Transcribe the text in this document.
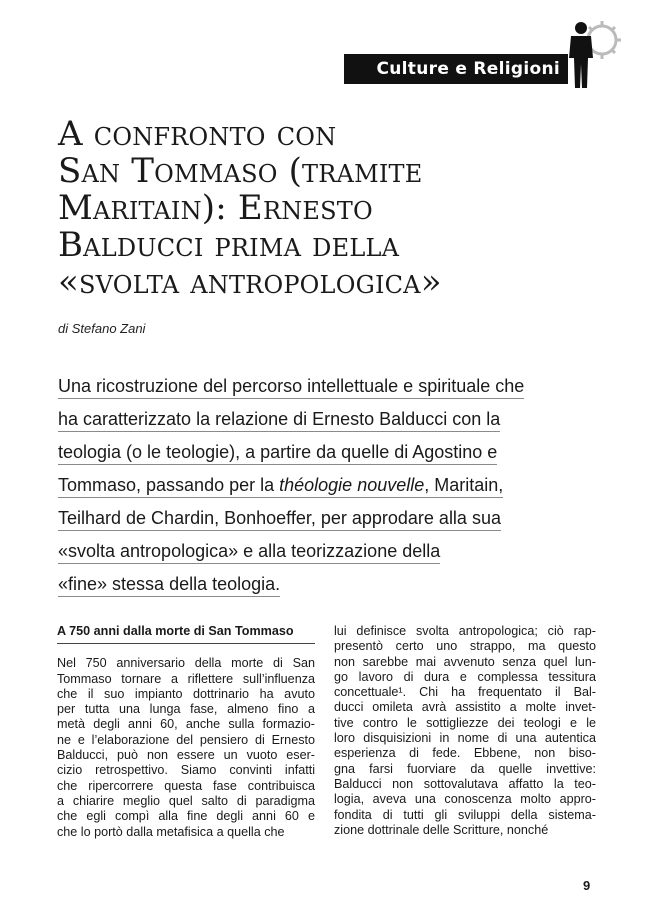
Culture e Religioni
A confronto con
San Tommaso (tramite
Maritain): Ernesto
Balducci prima della
«svolta antropologica»
di Stefano Zani
Una ricostruzione del percorso intellettuale e spirituale che
ha caratterizzato la relazione di Ernesto Balducci con la
teologia (o le teologie), a partire da quelle di Agostino e
Tommaso, passando per la théologie nouvelle, Maritain,
Teilhard de Chardin, Bonhoeffer, per approdare alla sua
«svolta antropologica» e alla teorizzazione della
«fine» stessa della teologia.
A 750 anni dalla morte di San Tommaso
Nel 750 anniversario della morte di San
Tommaso tornare a riflettere sull’influenza
che il suo impianto dottrinario ha avuto
per tutta una lunga fase, almeno fino a
metà degli anni 60, anche sulla formazio-
ne e l’elaborazione del pensiero di Ernesto
Balducci, può non essere un vuoto eser-
cizio retrospettivo. Siamo convinti infatti
che ripercorrere questa fase contribuisca
a chiarire meglio quel salto di paradigma
che egli compì alla fine degli anni 60 e
che lo portò dalla metafisica a quella che
lui definisce svolta antropologica; ciò rap-
presentò certo uno strappo, ma questo
non sarebbe mai avvenuto senza quel lun-
go lavoro di dura e complessa tessitura
concettuale¹. Chi ha frequentato il Bal-
ducci omileta avrà assistito a molte invet-
tive contro le sottigliezze dei teologi e le
loro disquisizioni in nome di una autentica
esperienza di fede. Ebbene, non biso-
gna farsi fuorviare da quelle invettive:
Balducci non sottovalutava affatto la teo-
logia, aveva una conoscenza molto appro-
fondita di tutti gli sviluppi della sistema-
zione dottrinale delle Scritture, nonché
9
